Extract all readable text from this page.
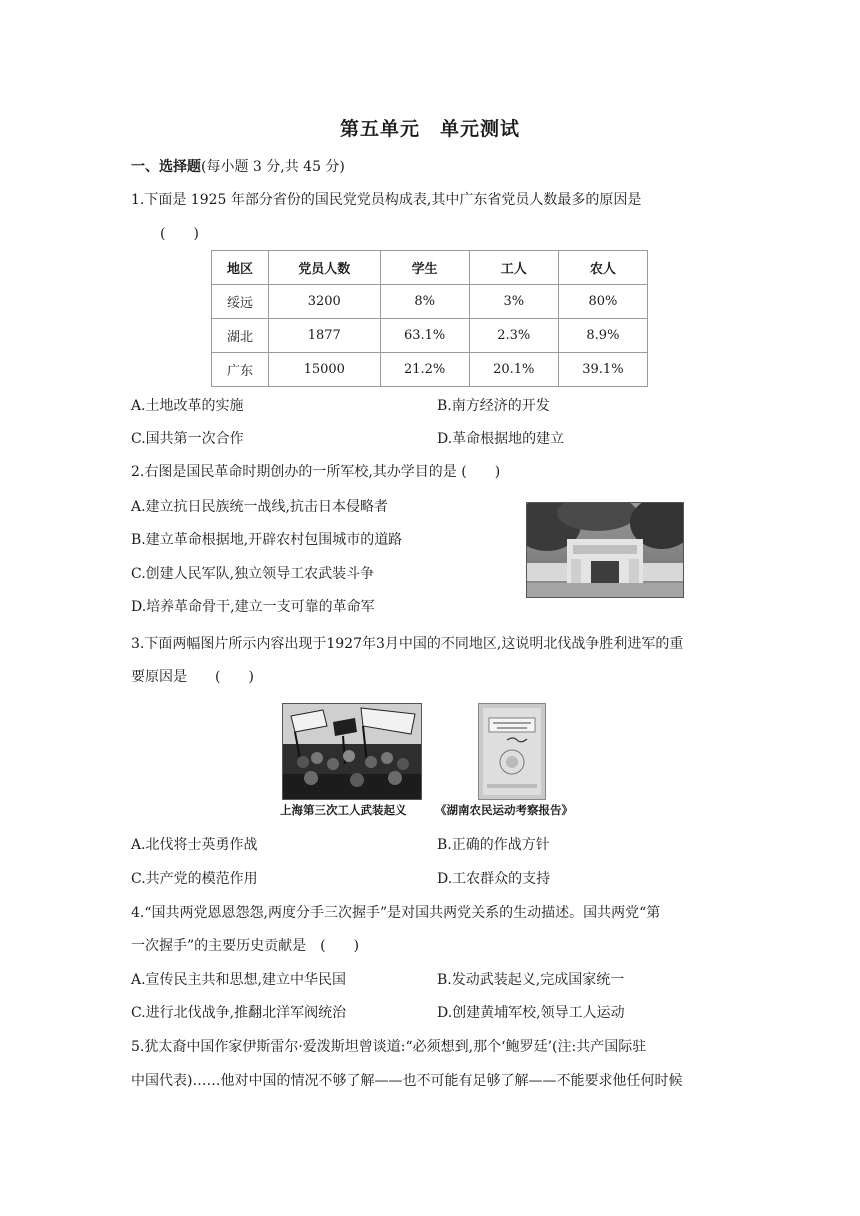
第五单元　单元测试
一、选择题(每小题 3 分,共 45 分)
1.下面是 1925 年部分省份的国民党党员构成表,其中广东省党员人数最多的原因是
(　　)
地区	党员人数	学生	工人	农人
绥远	3200	8%	3%	80%
湖北	1877	63.1%	2.3%	8.9%
广东	15000	21.2%	20.1%	39.1%
A.土地改革的实施	B.南方经济的开发
C.国共第一次合作	D.革命根据地的建立
2.右图是国民革命时期创办的一所军校,其办学目的是 (　　)
A.建立抗日民族统一战线,抗击日本侵略者
B.建立革命根据地,开辟农村包围城市的道路
C.创建人民军队,独立领导工农武装斗争
D.培养革命骨干,建立一支可靠的革命军
3.下面两幅图片所示内容出现于1927年3月中国的不同地区,这说明北伐战争胜利进军的重
要原因是　　(　　)
上海第三次工人武装起义 《湖南农民运动考察报告》
A.北伐将士英勇作战	B.正确的作战方针
C.共产党的模范作用	D.工农群众的支持
4.“国共两党恩恩怨怨,两度分手三次握手”是对国共两党关系的生动描述。国共两党“第
一次握手”的主要历史贡献是　(　　)
A.宣传民主共和思想,建立中华民国	B.发动武装起义,完成国家统一
C.进行北伐战争,推翻北洋军阀统治	D.创建黄埔军校,领导工人运动
5.犹太裔中国作家伊斯雷尔·爱泼斯坦曾谈道:“必须想到,那个‘鲍罗廷’(注:共产国际驻
中国代表)……他对中国的情况不够了解——也不可能有足够了解——不能要求他任何时候
